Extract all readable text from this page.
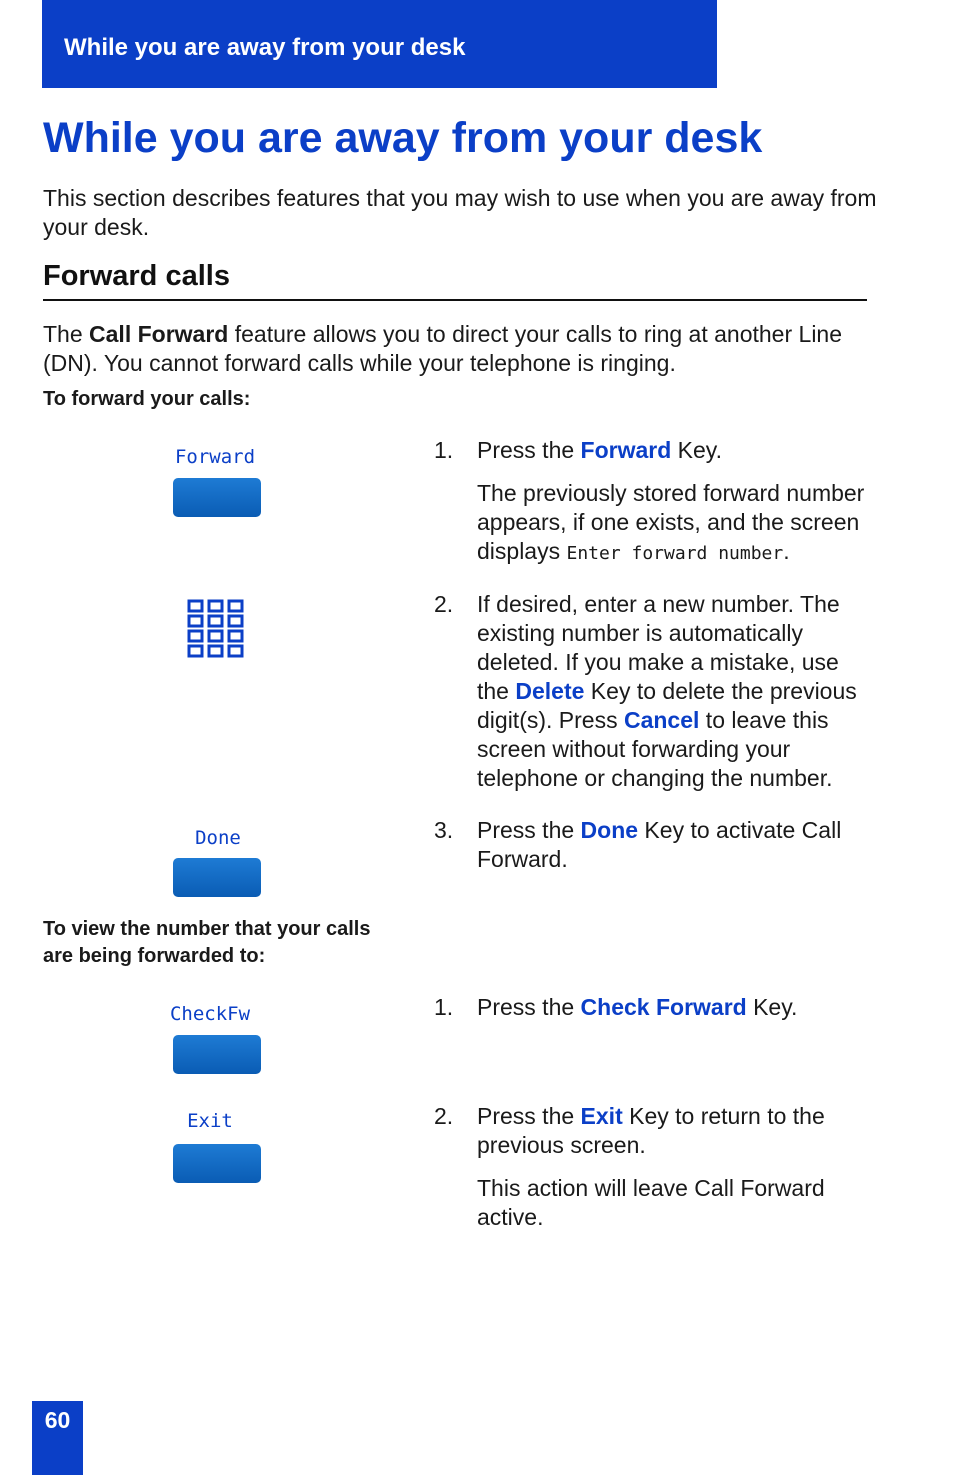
While you are away from your desk
While you are away from your desk

This section describes features that you may wish to use when you are away from your desk.

Forward calls

The Call Forward feature allows you to direct your calls to ring at another Line (DN). You cannot forward calls while your telephone is ringing.

To forward your calls:

Forward	1. Press the Forward Key.

The previously stored forward number appears, if one exists, and the screen displays Enter forward number.

2. If desired, enter a new number. The existing number is automatically deleted. If you make a mistake, use the Delete Key to delete the previous digit(s). Press Cancel to leave this screen without forwarding your telephone or changing the number.

Done	3. Press the Done Key to activate Call Forward.

To view the number that your calls
are being forwarded to:
CheckFw	1. Press the Check Forward Key.

Exit	2. Press the Exit Key to return to the previous screen.

This action will leave Call Forward active.

60
